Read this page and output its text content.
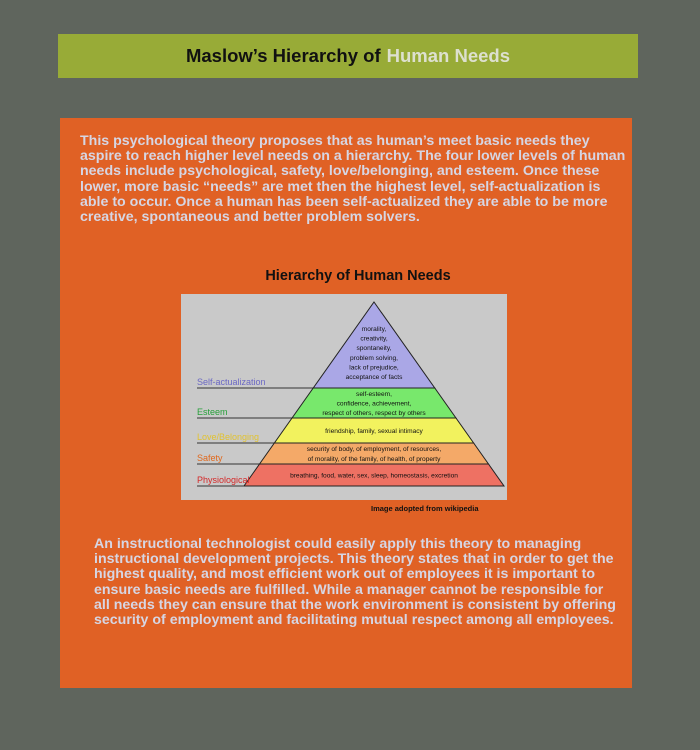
Maslow’s Hierarchy of Human Needs

This psychological theory proposes that as human’s meet basic needs they aspire to reach higher level needs on a hierarchy. The four lower levels of human needs include psychological, safety, love/belonging, and esteem. Once these lower, more basic “needs” are met then the highest level, self-actualization is able to occur. Once a human has been self-actualized they are able to be more creative, spontaneous and better problem solvers.

Hierarchy of Human Needs
morality,
creativity,
spontaneity,
problem solving,
lack of prejudice,
acceptance of facts
Self-actualization
self-esteem,
confidence, achievement,
respect of others, respect by others
Esteem
friendship, family, sexual intimacy
Love/Belonging
security of body, of employment, of resources,
of morality, of the family, of health, of property
Safety
breathing, food, water, sex, sleep, homeostasis, excretion
Physiological
Image adopted from wikipedia

An instructional technologist could easily apply this theory to managing instructional development projects. This theory states that in order to get the highest quality, and most efficient work out of employees it is important to ensure basic needs are fulfilled. While a manager cannot be responsible for all needs they can ensure that the work environment is consistent by offering security of employment and facilitating mutual respect among all employees.
